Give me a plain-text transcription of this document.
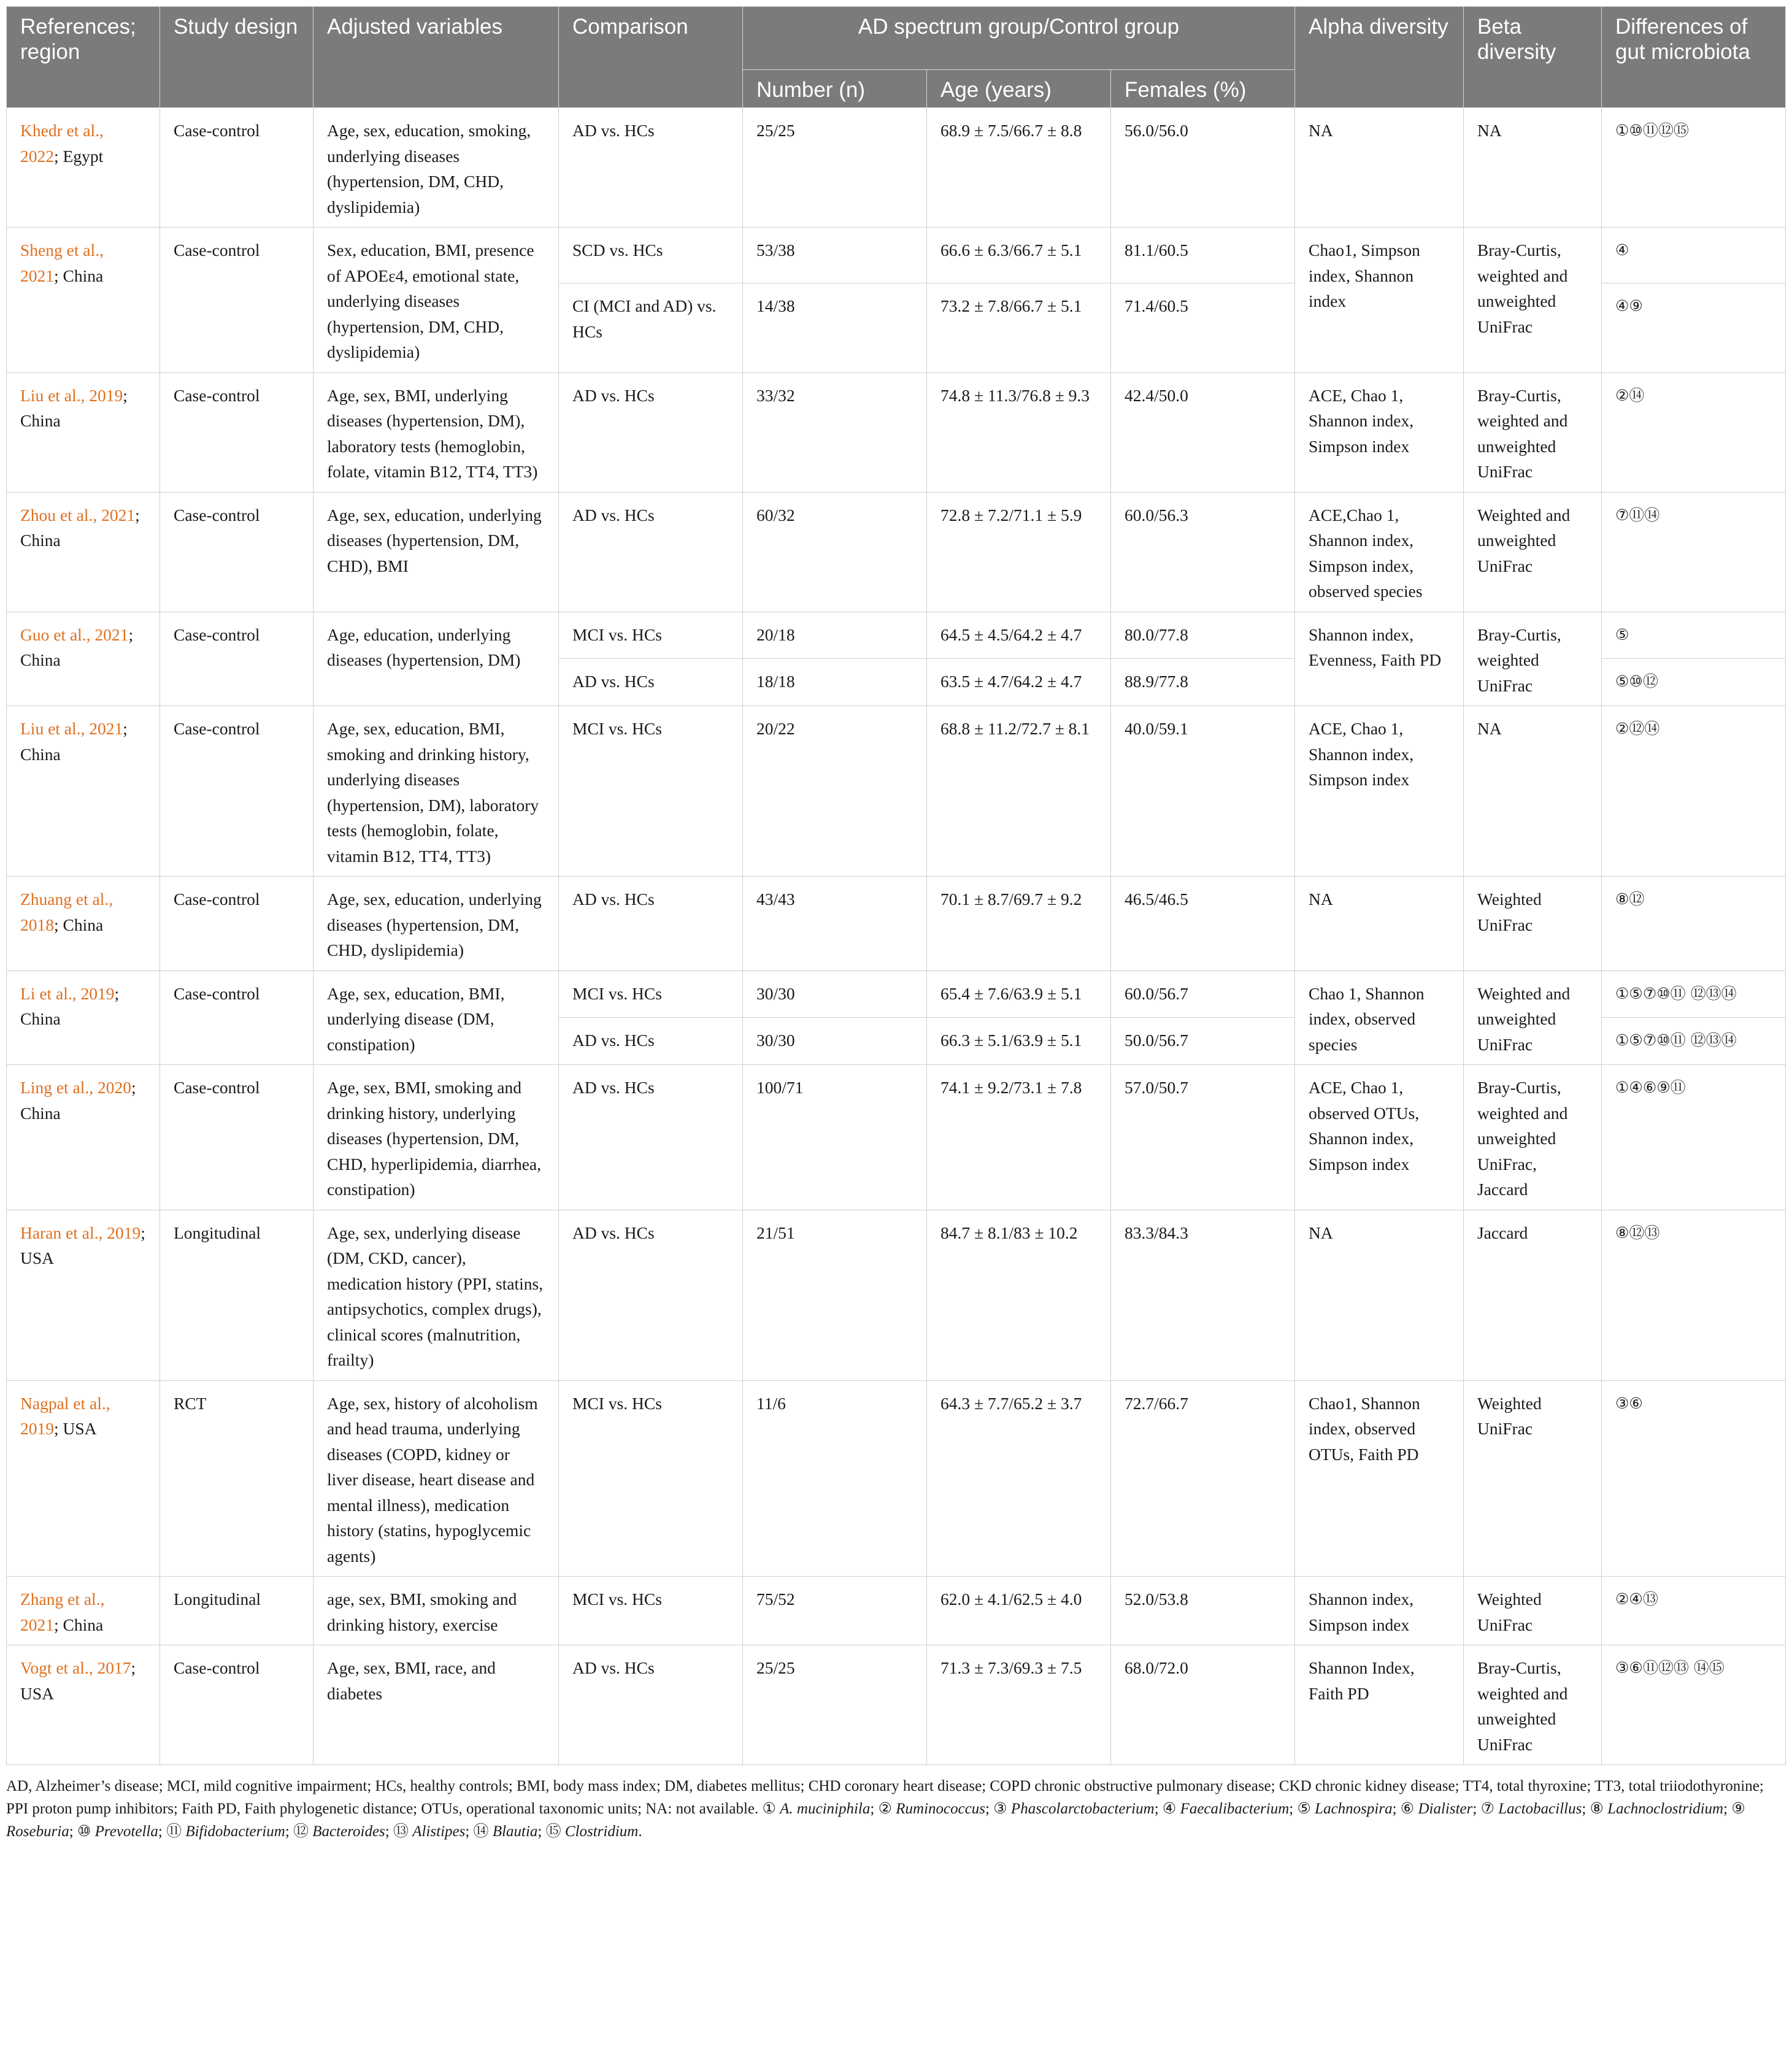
References; region	Study design	Adjusted variables	Comparison	AD spectrum group/Control group			Alpha diversity	Beta diversity	Differences of gut microbiota
				Number (n)	Age (years)	Females (%)			
Khedr et al., 2022; Egypt	Case-control	Age, sex, education, smoking, underlying diseases (hypertension, DM, CHD, dyslipidemia)	AD vs. HCs	25/25	68.9 ± 7.5/66.7 ± 8.8	56.0/56.0	NA	NA	①⑩⑪⑫⑮
Sheng et al., 2021; China	Case-control	Sex, education, BMI, presence of APOEε4, emotional state, underlying diseases (hypertension, DM, CHD, dyslipidemia)	SCD vs. HCs	53/38	66.6 ± 6.3/66.7 ± 5.1	81.1/60.5	Chao1, Simpson index, Shannon index	Bray-Curtis, weighted and unweighted UniFrac	④
			CI (MCI and AD) vs. HCs	14/38	73.2 ± 7.8/66.7 ± 5.1	71.4/60.5			④⑨
Liu et al., 2019; China	Case-control	Age, sex, BMI, underlying diseases (hypertension, DM), laboratory tests (hemoglobin, folate, vitamin B12, TT4, TT3)	AD vs. HCs	33/32	74.8 ± 11.3/76.8 ± 9.3	42.4/50.0	ACE, Chao 1, Shannon index, Simpson index	Bray-Curtis, weighted and unweighted UniFrac	②⑭
Zhou et al., 2021; China	Case-control	Age, sex, education, underlying diseases (hypertension, DM, CHD), BMI	AD vs. HCs	60/32	72.8 ± 7.2/71.1 ± 5.9	60.0/56.3	ACE,Chao 1, Shannon index, Simpson index, observed species	Weighted and unweighted UniFrac	⑦⑪⑭
Guo et al., 2021; China	Case-control	Age, education, underlying diseases (hypertension, DM)	MCI vs. HCs	20/18	64.5 ± 4.5/64.2 ± 4.7	80.0/77.8	Shannon index, Evenness, Faith PD	Bray-Curtis, weighted UniFrac	⑤
			AD vs. HCs	18/18	63.5 ± 4.7/64.2 ± 4.7	88.9/77.8			⑤⑩⑫
Liu et al., 2021; China	Case-control	Age, sex, education, BMI, smoking and drinking history, underlying diseases (hypertension, DM), laboratory tests (hemoglobin, folate, vitamin B12, TT4, TT3)	MCI vs. HCs	20/22	68.8 ± 11.2/72.7 ± 8.1	40.0/59.1	ACE, Chao 1, Shannon index, Simpson index	NA	②⑫⑭
Zhuang et al., 2018; China	Case-control	Age, sex, education, underlying diseases (hypertension, DM, CHD, dyslipidemia)	AD vs. HCs	43/43	70.1 ± 8.7/69.7 ± 9.2	46.5/46.5	NA	Weighted UniFrac	⑧⑫
Li et al., 2019; China	Case-control	Age, sex, education, BMI, underlying disease (DM, constipation)	MCI vs. HCs	30/30	65.4 ± 7.6/63.9 ± 5.1	60.0/56.7	Chao 1, Shannon index, observed species	Weighted and unweighted UniFrac	①⑤⑦⑩⑪ ⑫⑬⑭
			AD vs. HCs	30/30	66.3 ± 5.1/63.9 ± 5.1	50.0/56.7			①⑤⑦⑩⑪ ⑫⑬⑭
Ling et al., 2020; China	Case-control	Age, sex, BMI, smoking and drinking history, underlying diseases (hypertension, DM, CHD, hyperlipidemia, diarrhea, constipation)	AD vs. HCs	100/71	74.1 ± 9.2/73.1 ± 7.8	57.0/50.7	ACE, Chao 1, observed OTUs, Shannon index, Simpson index	Bray-Curtis, weighted and unweighted UniFrac, Jaccard	①④⑥⑨⑪
Haran et al., 2019; USA	Longitudinal	Age, sex, underlying disease (DM, CKD, cancer), medication history (PPI, statins, antipsychotics, complex drugs), clinical scores (malnutrition, frailty)	AD vs. HCs	21/51	84.7 ± 8.1/83 ± 10.2	83.3/84.3	NA	Jaccard	⑧⑫⑬
Nagpal et al., 2019; USA	RCT	Age, sex, history of alcoholism and head trauma, underlying diseases (COPD, kidney or liver disease, heart disease and mental illness), medication history (statins, hypoglycemic agents)	MCI vs. HCs	11/6	64.3 ± 7.7/65.2 ± 3.7	72.7/66.7	Chao1, Shannon index, observed OTUs, Faith PD	Weighted UniFrac	③⑥
Zhang et al., 2021; China	Longitudinal	age, sex, BMI, smoking and drinking history, exercise	MCI vs. HCs	75/52	62.0 ± 4.1/62.5 ± 4.0	52.0/53.8	Shannon index, Simpson index	Weighted UniFrac	②④⑬
Vogt et al., 2017; USA	Case-control	Age, sex, BMI, race, and diabetes	AD vs. HCs	25/25	71.3 ± 7.3/69.3 ± 7.5	68.0/72.0	Shannon Index, Faith PD	Bray-Curtis, weighted and unweighted UniFrac	③⑥⑪⑫⑬ ⑭⑮
AD, Alzheimer’s disease; MCI, mild cognitive impairment; HCs, healthy controls; BMI, body mass index; DM, diabetes mellitus; CHD coronary heart disease; COPD chronic obstructive pulmonary disease; CKD chronic kidney disease; TT4, total thyroxine; TT3, total triiodothyronine; PPI proton pump inhibitors; Faith PD, Faith phylogenetic distance; OTUs, operational taxonomic units; NA: not available. ① A. muciniphila; ② Ruminococcus; ③ Phascolarctobacterium; ④ Faecalibacterium; ⑤ Lachnospira; ⑥ Dialister; ⑦ Lactobacillus; ⑧ Lachnoclostridium; ⑨ Roseburia; ⑩ Prevotella; ⑪ Bifidobacterium; ⑫ Bacteroides; ⑬ Alistipes; ⑭ Blautia; ⑮ Clostridium.
